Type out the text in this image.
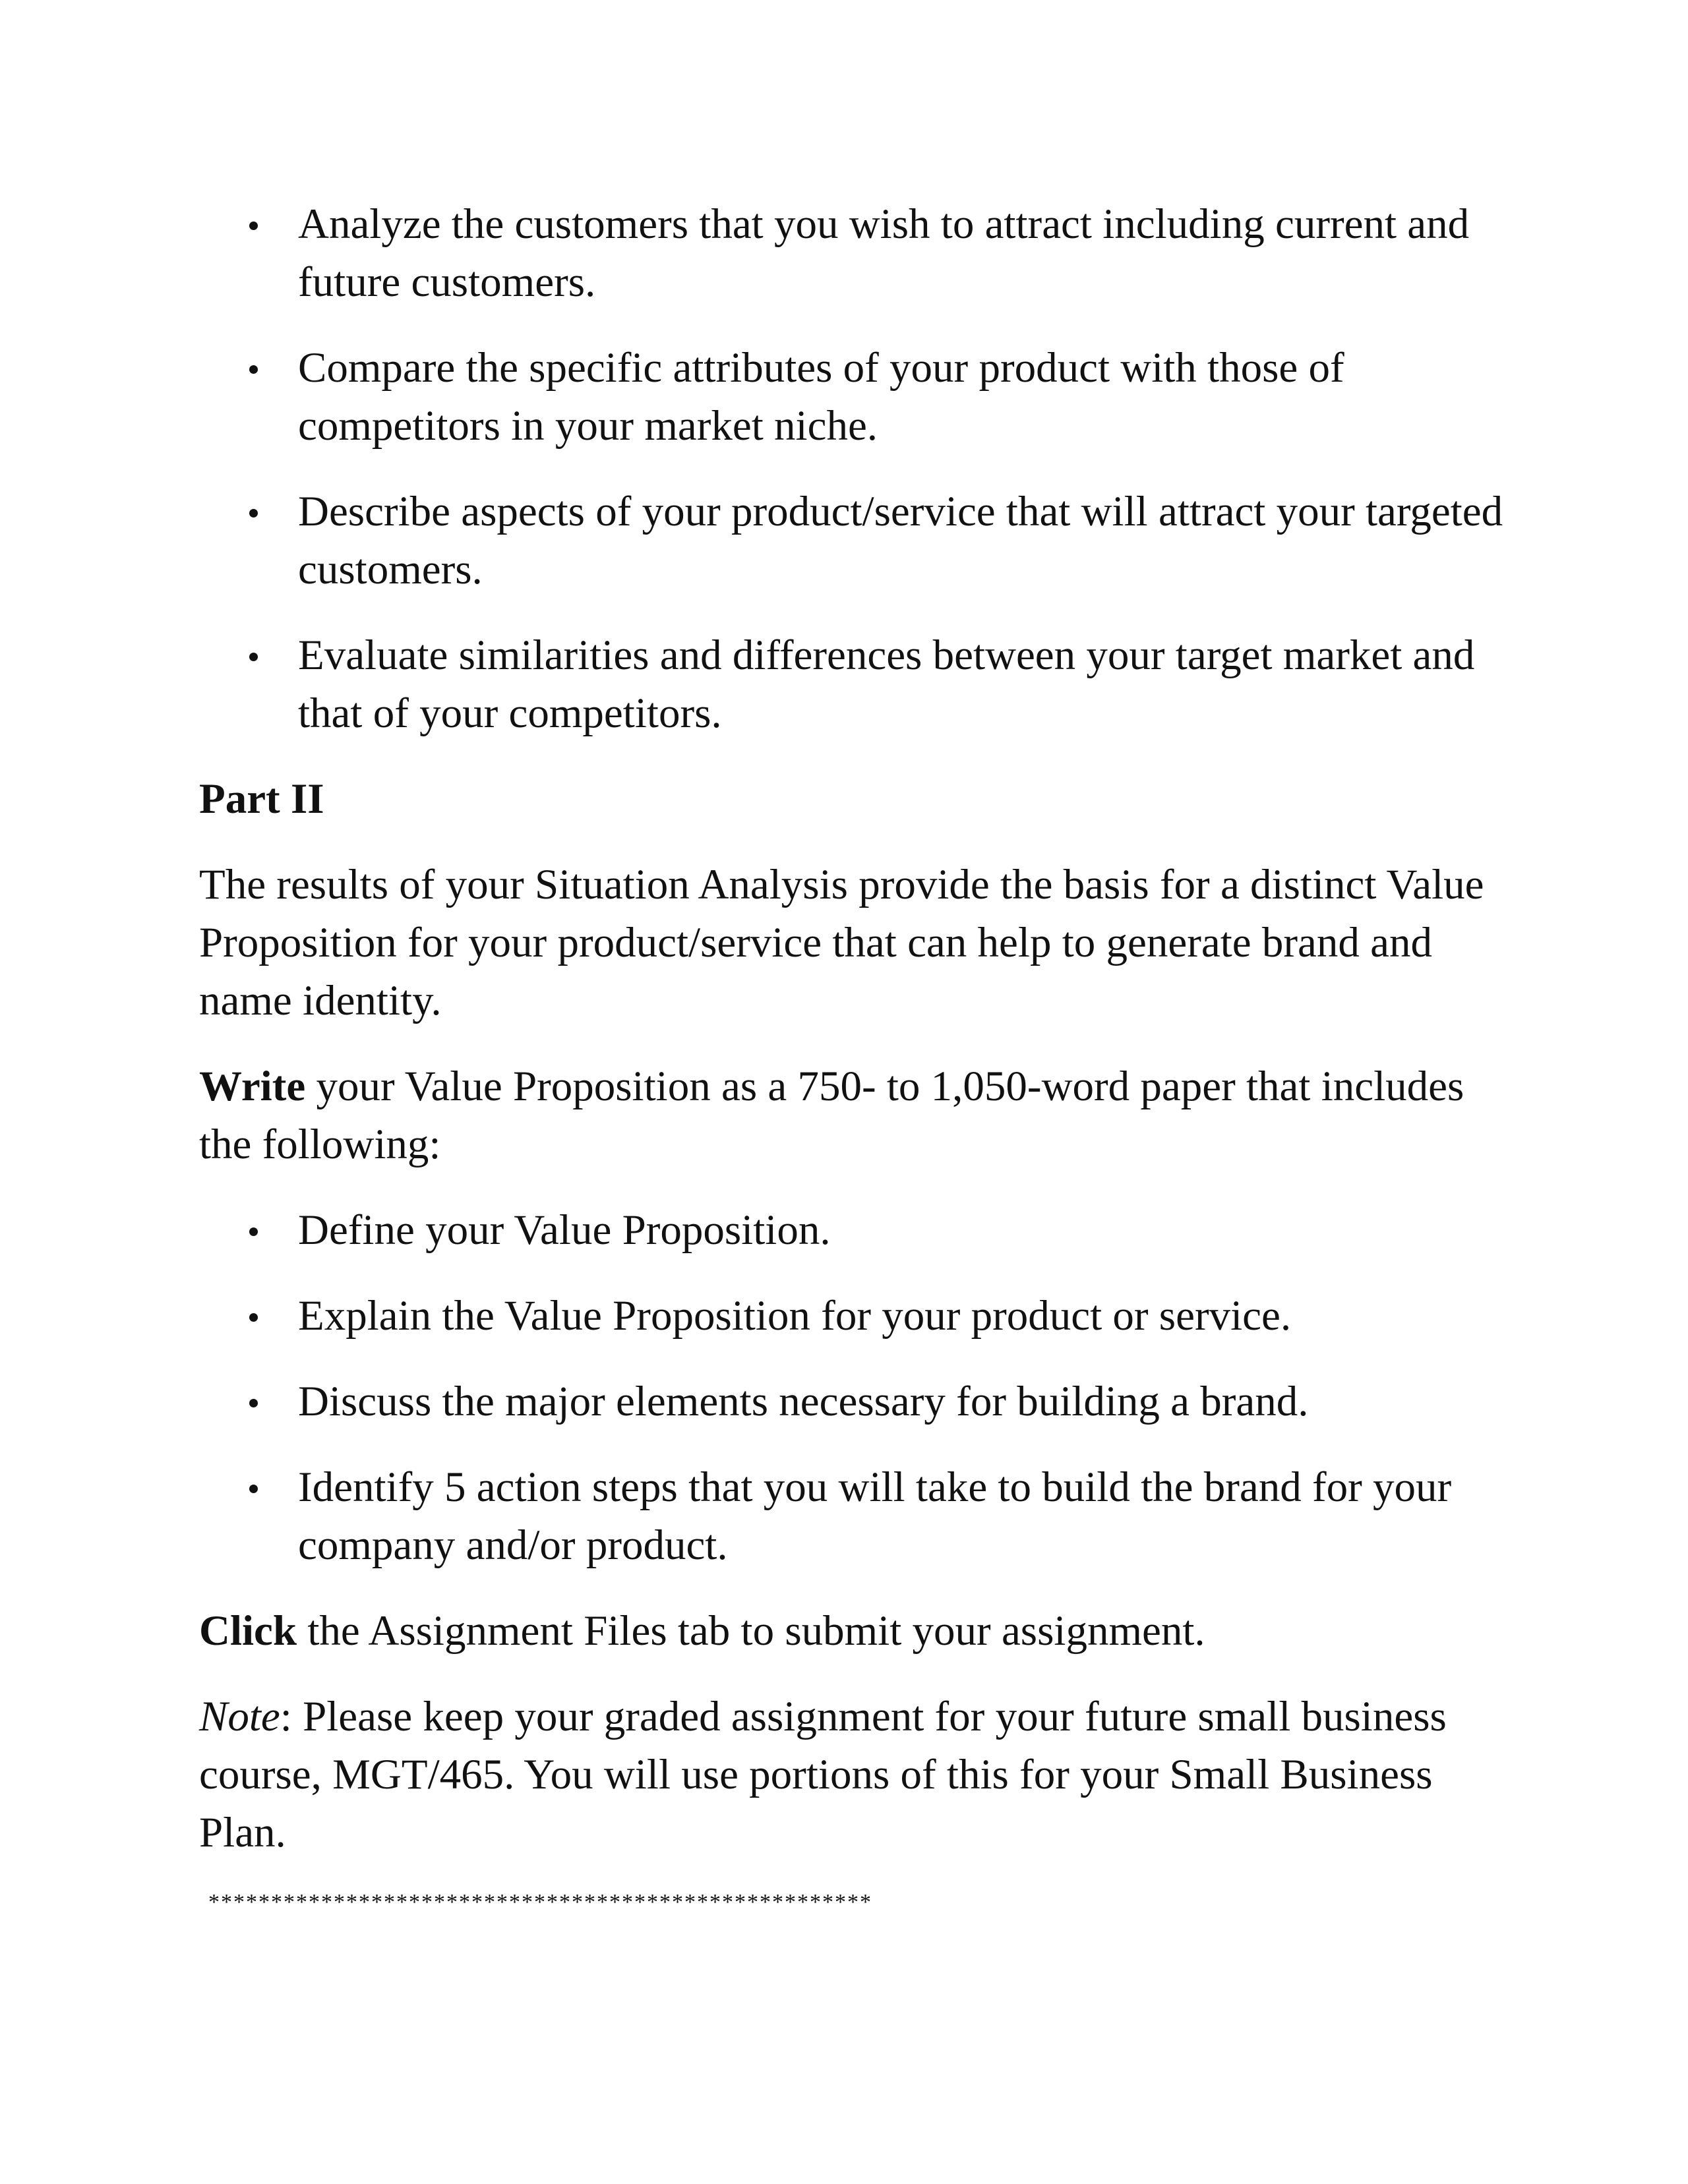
Analyze the customers that you wish to attract including current and future customers.
Compare the specific attributes of your product with those of competitors in your market niche.
Describe aspects of your product/service that will attract your targeted customers.
Evaluate similarities and differences between your target market and that of your competitors.
Part II

The results of your Situation Analysis provide the basis for a distinct Value Proposition for your product/service that can help to generate brand and name identity.

Write your Value Proposition as a 750- to 1,050-word paper that includes the following:

Define your Value Proposition.
Explain the Value Proposition for your product or service.
Discuss the major elements necessary for building a brand.
Identify 5 action steps that you will take to build the brand for your company and/or product.

Click the Assignment Files tab to submit your assignment.

Note: Please keep your graded assignment for your future small business course, MGT/465. You will use portions of this for your Small Business Plan.

*****************************************************
